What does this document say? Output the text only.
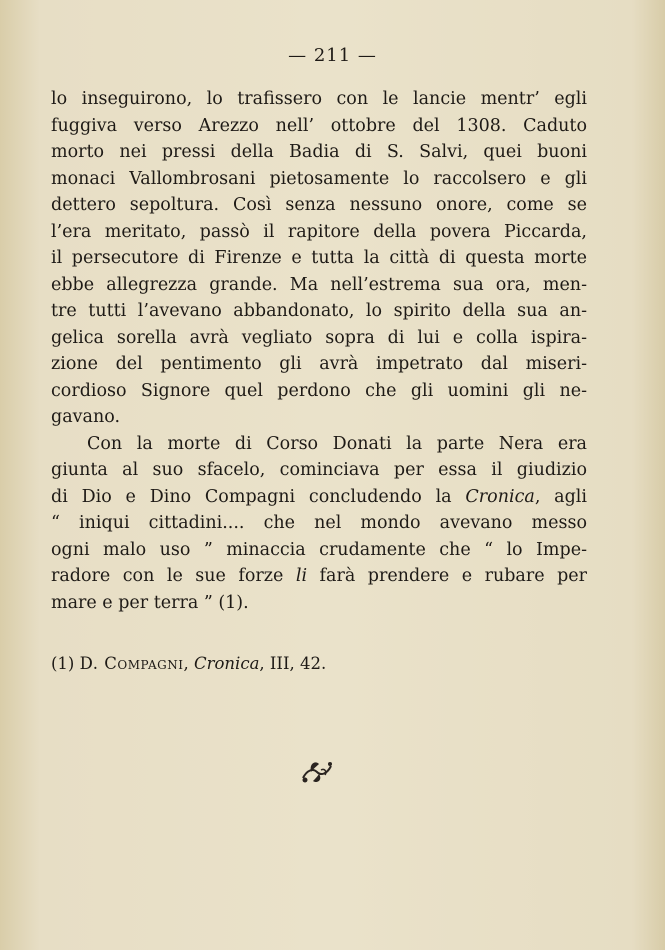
— 211 —
lo inseguirono, lo trafissero con le lancie mentr’ egli
fuggiva verso Arezzo nell’ ottobre del 1308. Caduto
morto nei pressi della Badia di S. Salvi, quei buoni
monaci Vallombrosani pietosamente lo raccolsero e gli
dettero sepoltura. Così senza nessuno onore, come se
l’era meritato, passò il rapitore della povera Piccarda,
il persecutore di Firenze e tutta la città di questa morte
ebbe allegrezza grande. Ma nell’estrema sua ora, men-
tre tutti l’avevano abbandonato, lo spirito della sua an-
gelica sorella avrà vegliato sopra di lui e colla ispira-
zione del pentimento gli avrà impetrato dal miseri-
cordioso Signore quel perdono che gli uomini gli ne-
gavano.
Con la morte di Corso Donati la parte Nera era
giunta al suo sfacelo, cominciava per essa il giudizio
di Dio e Dino Compagni concludendo la Cronica, agli
“ iniqui cittadini.... che nel mondo avevano messo
ogni malo uso ” minaccia crudamente che “ lo Impe-
radore con le sue forze li farà prendere e rubare per
mare e per terra ” (1).
(1) D. Compagni, Cronica, III, 42.
